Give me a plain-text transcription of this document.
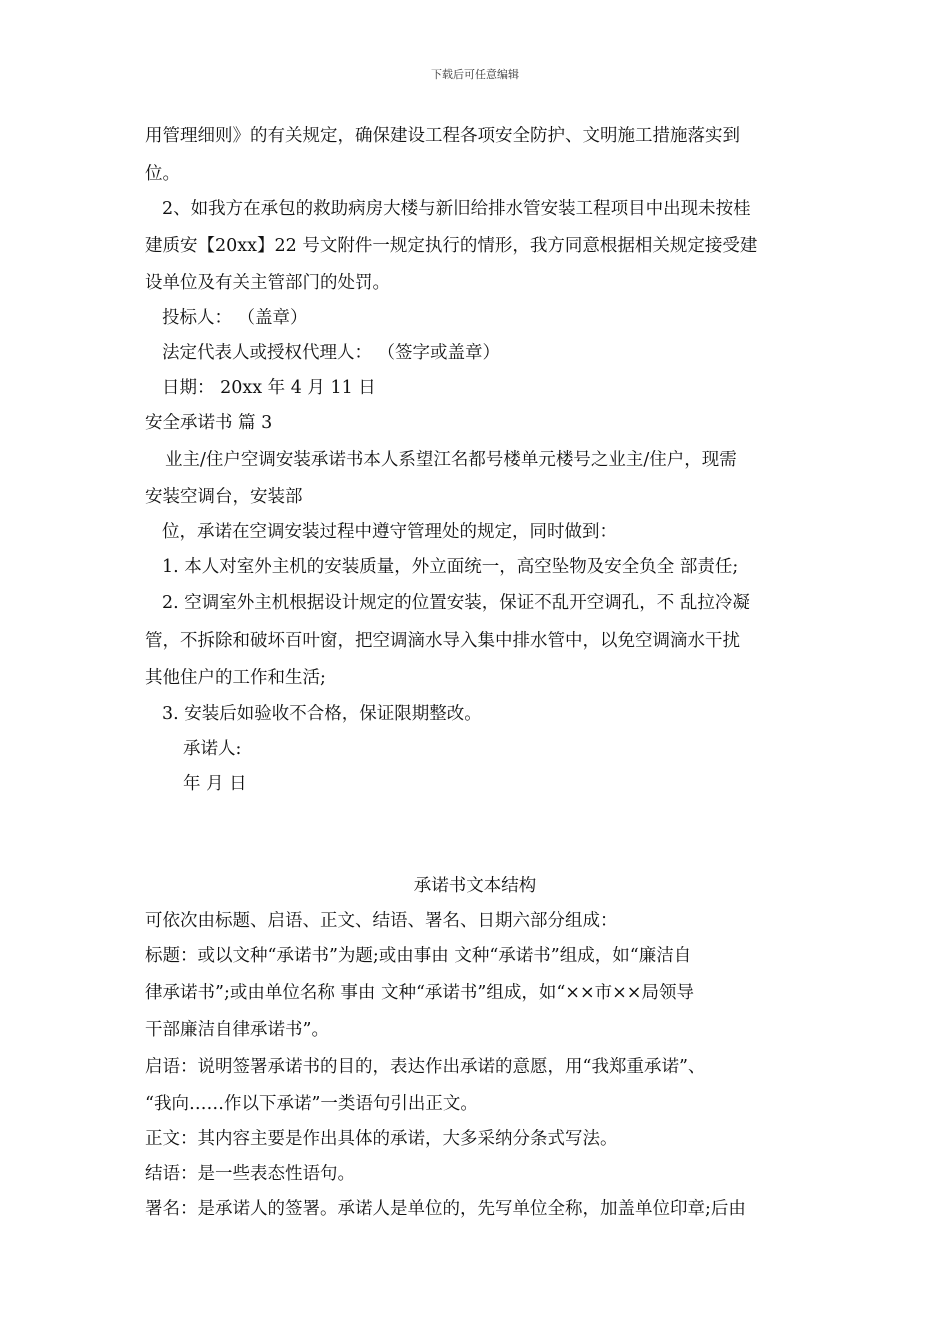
下载后可任意编辑
用管理细则》的有关规定，确保建设工程各项安全防护、文明施工措施落实到
位。
2、如我方在承包的救助病房大楼与新旧给排水管安装工程项目中出现未按桂
建质安【20xx】22 号文附件一规定执行的情形，我方同意根据相关规定接受建
设单位及有关主管部门的处罚。
投标人： （盖章）
法定代表人或授权代理人： （签字或盖章）
日期： 20xx 年 4 月 11 日
安全承诺书 篇 3
业主/住户空调安装承诺书本人系望江名都号楼单元楼号之业主/住户，现需
安装空调台，安装部
位，承诺在空调安装过程中遵守管理处的规定，同时做到：
1. 本人对室外主机的安装质量，外立面统一，高空坠物及安全负全 部责任;
2. 空调室外主机根据设计规定的位置安装，保证不乱开空调孔，不 乱拉冷凝
管，不拆除和破坏百叶窗，把空调滴水导入集中排水管中，以免空调滴水干扰
其他住户的工作和生活;
3. 安装后如验收不合格，保证限期整改。
承诺人:
年 月 日
承诺书文本结构
可依次由标题、启语、正文、结语、署名、日期六部分组成：
标题：或以文种“承诺书”为题;或由事由 文种“承诺书”组成，如“廉洁自
律承诺书”;或由单位名称 事由 文种“承诺书”组成，如“××市××局领导
干部廉洁自律承诺书”。
启语：说明签署承诺书的目的，表达作出承诺的意愿，用“我郑重承诺”、
“我向……作以下承诺”一类语句引出正文。
正文：其内容主要是作出具体的承诺，大多采纳分条式写法。
结语：是一些表态性语句。
署名：是承诺人的签署。承诺人是单位的，先写单位全称，加盖单位印章;后由
